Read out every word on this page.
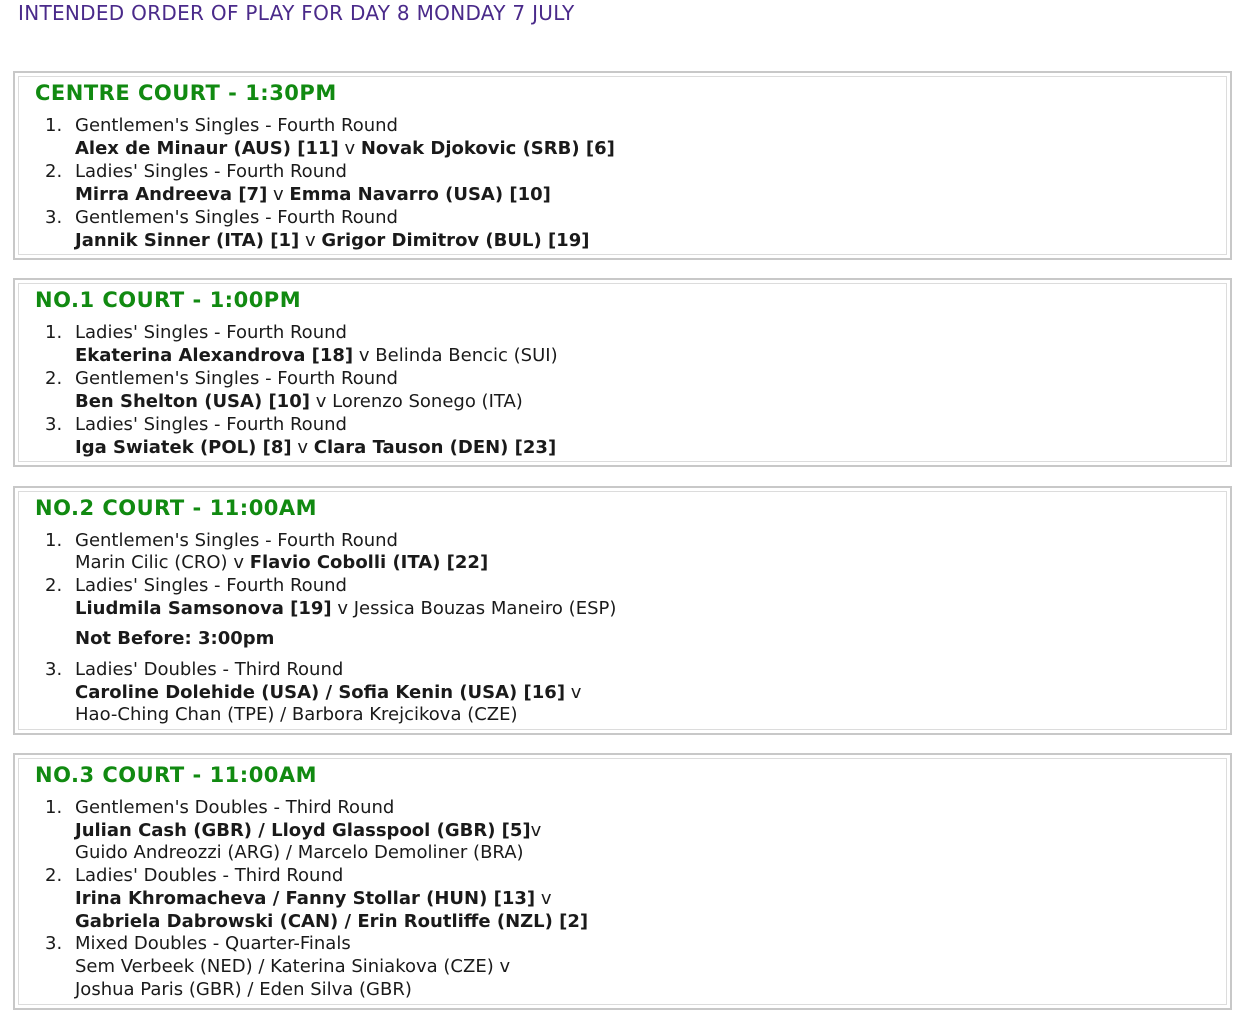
INTENDED ORDER OF PLAY FOR DAY 8 MONDAY 7 JULY
CENTRE COURT - 1:30PM
1. Gentlemen's Singles - Fourth Round
Alex de Minaur (AUS) [11] v Novak Djokovic (SRB) [6]
2. Ladies' Singles - Fourth Round
Mirra Andreeva [7] v Emma Navarro (USA) [10]
3. Gentlemen's Singles - Fourth Round
Jannik Sinner (ITA) [1] v Grigor Dimitrov (BUL) [19]
NO.1 COURT - 1:00PM
1. Ladies' Singles - Fourth Round
Ekaterina Alexandrova [18] v Belinda Bencic (SUI)
2. Gentlemen's Singles - Fourth Round
Ben Shelton (USA) [10] v Lorenzo Sonego (ITA)
3. Ladies' Singles - Fourth Round
Iga Swiatek (POL) [8] v Clara Tauson (DEN) [23]
NO.2 COURT - 11:00AM
1. Gentlemen's Singles - Fourth Round
Marin Cilic (CRO) v Flavio Cobolli (ITA) [22]
2. Ladies' Singles - Fourth Round
Liudmila Samsonova [19] v Jessica Bouzas Maneiro (ESP)
Not Before: 3:00pm
3. Ladies' Doubles - Third Round
Caroline Dolehide (USA) / Sofia Kenin (USA) [16] v
Hao-Ching Chan (TPE) / Barbora Krejcikova (CZE)
NO.3 COURT - 11:00AM
1. Gentlemen's Doubles - Third Round
Julian Cash (GBR) / Lloyd Glasspool (GBR) [5]v
Guido Andreozzi (ARG) / Marcelo Demoliner (BRA)
2. Ladies' Doubles - Third Round
Irina Khromacheva / Fanny Stollar (HUN) [13] v
Gabriela Dabrowski (CAN) / Erin Routliffe (NZL) [2]
3. Mixed Doubles - Quarter-Finals
Sem Verbeek (NED) / Katerina Siniakova (CZE) v
Joshua Paris (GBR) / Eden Silva (GBR)
